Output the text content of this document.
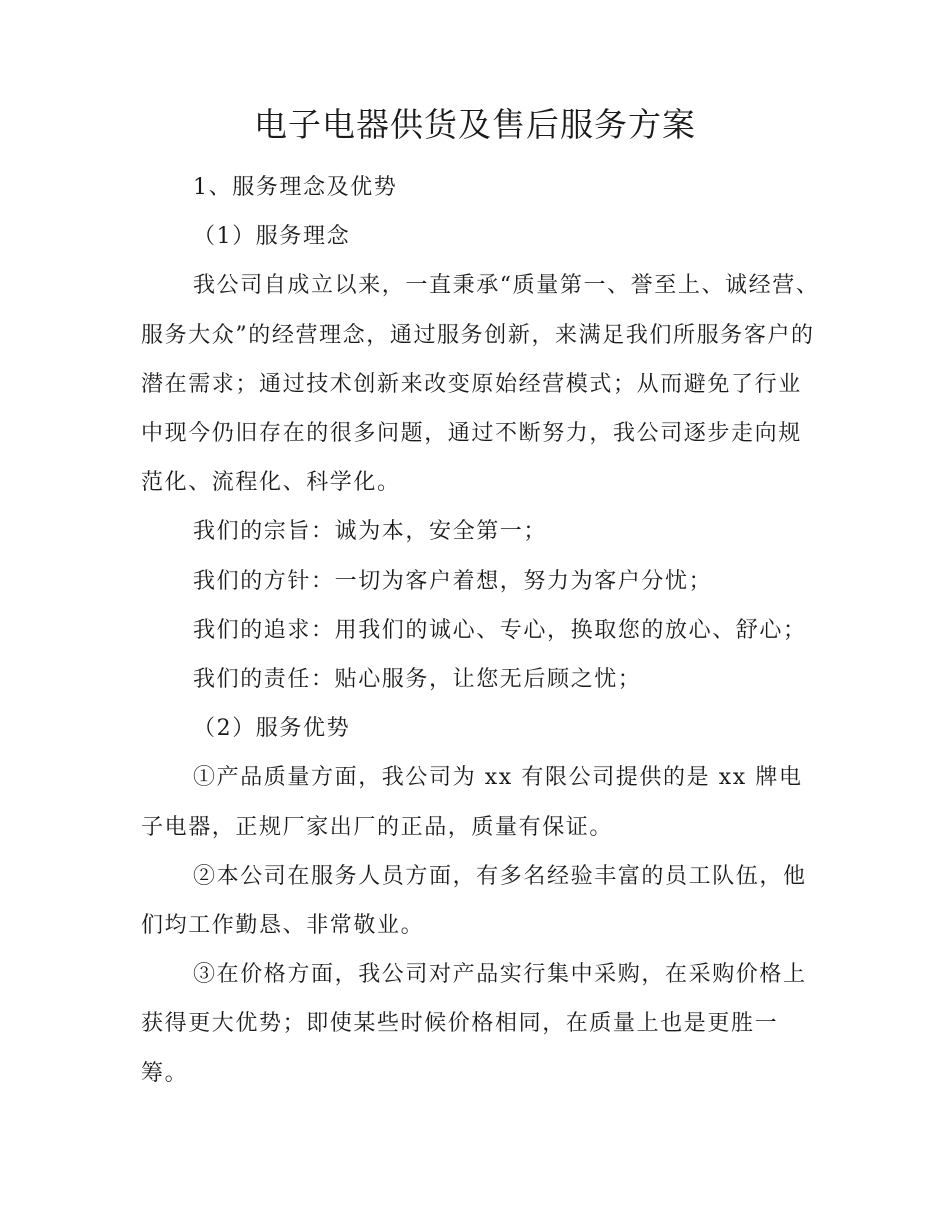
电子电器供货及售后服务方案

1、服务理念及优势

（1）服务理念

我公司自成立以来，一直秉承“质量第一、誉至上、诚经营、服务大众”的经营理念，通过服务创新，来满足我们所服务客户的潜在需求；通过技术创新来改变原始经营模式；从而避免了行业中现今仍旧存在的很多问题，通过不断努力，我公司逐步走向规范化、流程化、科学化。

我们的宗旨：诚为本，安全第一；

我们的方针：一切为客户着想，努力为客户分忧；

我们的追求：用我们的诚心、专心，换取您的放心、舒心；

我们的责任：贴心服务，让您无后顾之忧；

（2）服务优势

①产品质量方面，我公司为 xx 有限公司提供的是 xx 牌电子电器，正规厂家出厂的正品，质量有保证。

②本公司在服务人员方面，有多名经验丰富的员工队伍，他们均工作勤恳、非常敬业。

③在价格方面，我公司对产品实行集中采购，在采购价格上获得更大优势；即使某些时候价格相同，在质量上也是更胜一筹。
